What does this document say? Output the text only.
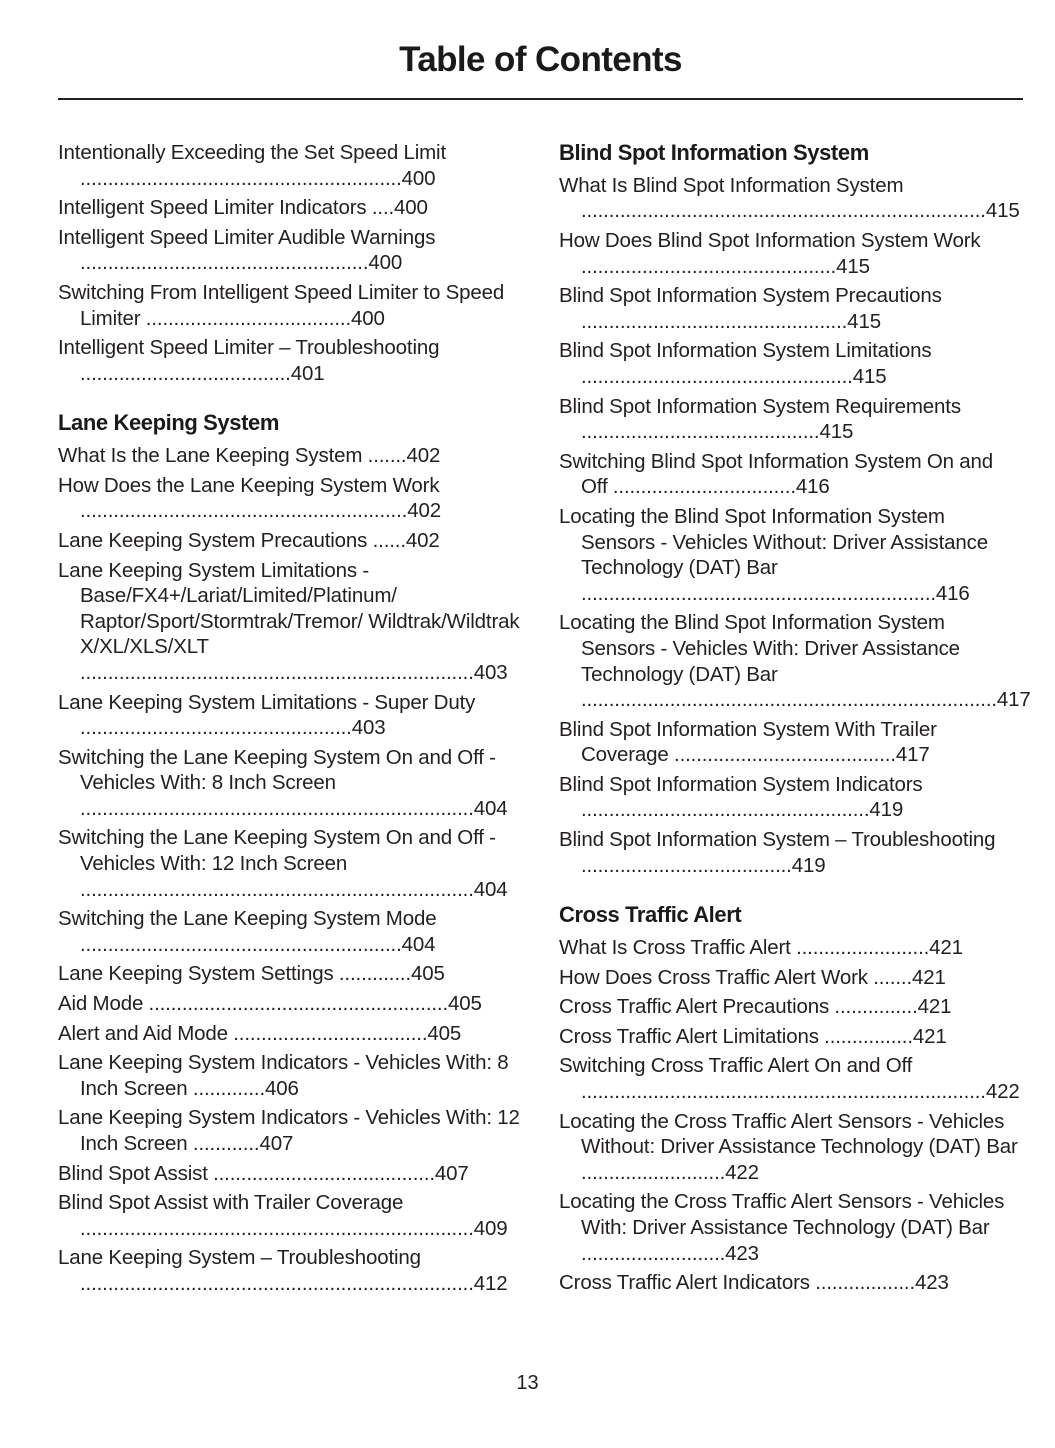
Table of Contents
Intentionally Exceeding the Set Speed Limit ..........................................................400
Intelligent Speed Limiter Indicators ....400
Intelligent Speed Limiter Audible Warnings ....................................................400
Switching From Intelligent Speed Limiter to Speed Limiter .....................................400
Intelligent Speed Limiter – Troubleshooting ......................................401
Lane Keeping System
What Is the Lane Keeping System .......402
How Does the Lane Keeping System Work ...........................................................402
Lane Keeping System Precautions ......402
Lane Keeping System Limitations - Base/FX4+/Lariat/Limited/Platinum/ Raptor/Sport/Stormtrak/Tremor/ Wildtrak/Wildtrak X/XL/XLS/XLT .......................................................................403
Lane Keeping System Limitations - Super Duty .................................................403
Switching the Lane Keeping System On and Off - Vehicles With: 8 Inch Screen .......................................................................404
Switching the Lane Keeping System On and Off - Vehicles With: 12 Inch Screen .......................................................................404
Switching the Lane Keeping System Mode ..........................................................404
Lane Keeping System Settings .............405
Aid Mode ......................................................405
Alert and Aid Mode ...................................405
Lane Keeping System Indicators - Vehicles With: 8 Inch Screen .............406
Lane Keeping System Indicators - Vehicles With: 12 Inch Screen ............407
Blind Spot Assist ........................................407
Blind Spot Assist with Trailer Coverage .......................................................................409
Lane Keeping System – Troubleshooting .......................................................................412
Blind Spot Information System
What Is Blind Spot Information System .........................................................................415
How Does Blind Spot Information System Work ..............................................415
Blind Spot Information System Precautions ................................................415
Blind Spot Information System Limitations .................................................415
Blind Spot Information System Requirements ...........................................415
Switching Blind Spot Information System On and Off .................................416
Locating the Blind Spot Information System Sensors - Vehicles Without: Driver Assistance Technology (DAT) Bar ................................................................416
Locating the Blind Spot Information System Sensors - Vehicles With: Driver Assistance Technology (DAT) Bar ...........................................................................417
Blind Spot Information System With Trailer Coverage ........................................417
Blind Spot Information System Indicators ....................................................419
Blind Spot Information System – Troubleshooting ......................................419
Cross Traffic Alert
What Is Cross Traffic Alert ........................421
How Does Cross Traffic Alert Work .......421
Cross Traffic Alert Precautions ...............421
Cross Traffic Alert Limitations ................421
Switching Cross Traffic Alert On and Off .........................................................................422
Locating the Cross Traffic Alert Sensors - Vehicles Without: Driver Assistance Technology (DAT) Bar ..........................422
Locating the Cross Traffic Alert Sensors - Vehicles With: Driver Assistance Technology (DAT) Bar ..........................423
Cross Traffic Alert Indicators ..................423
13
